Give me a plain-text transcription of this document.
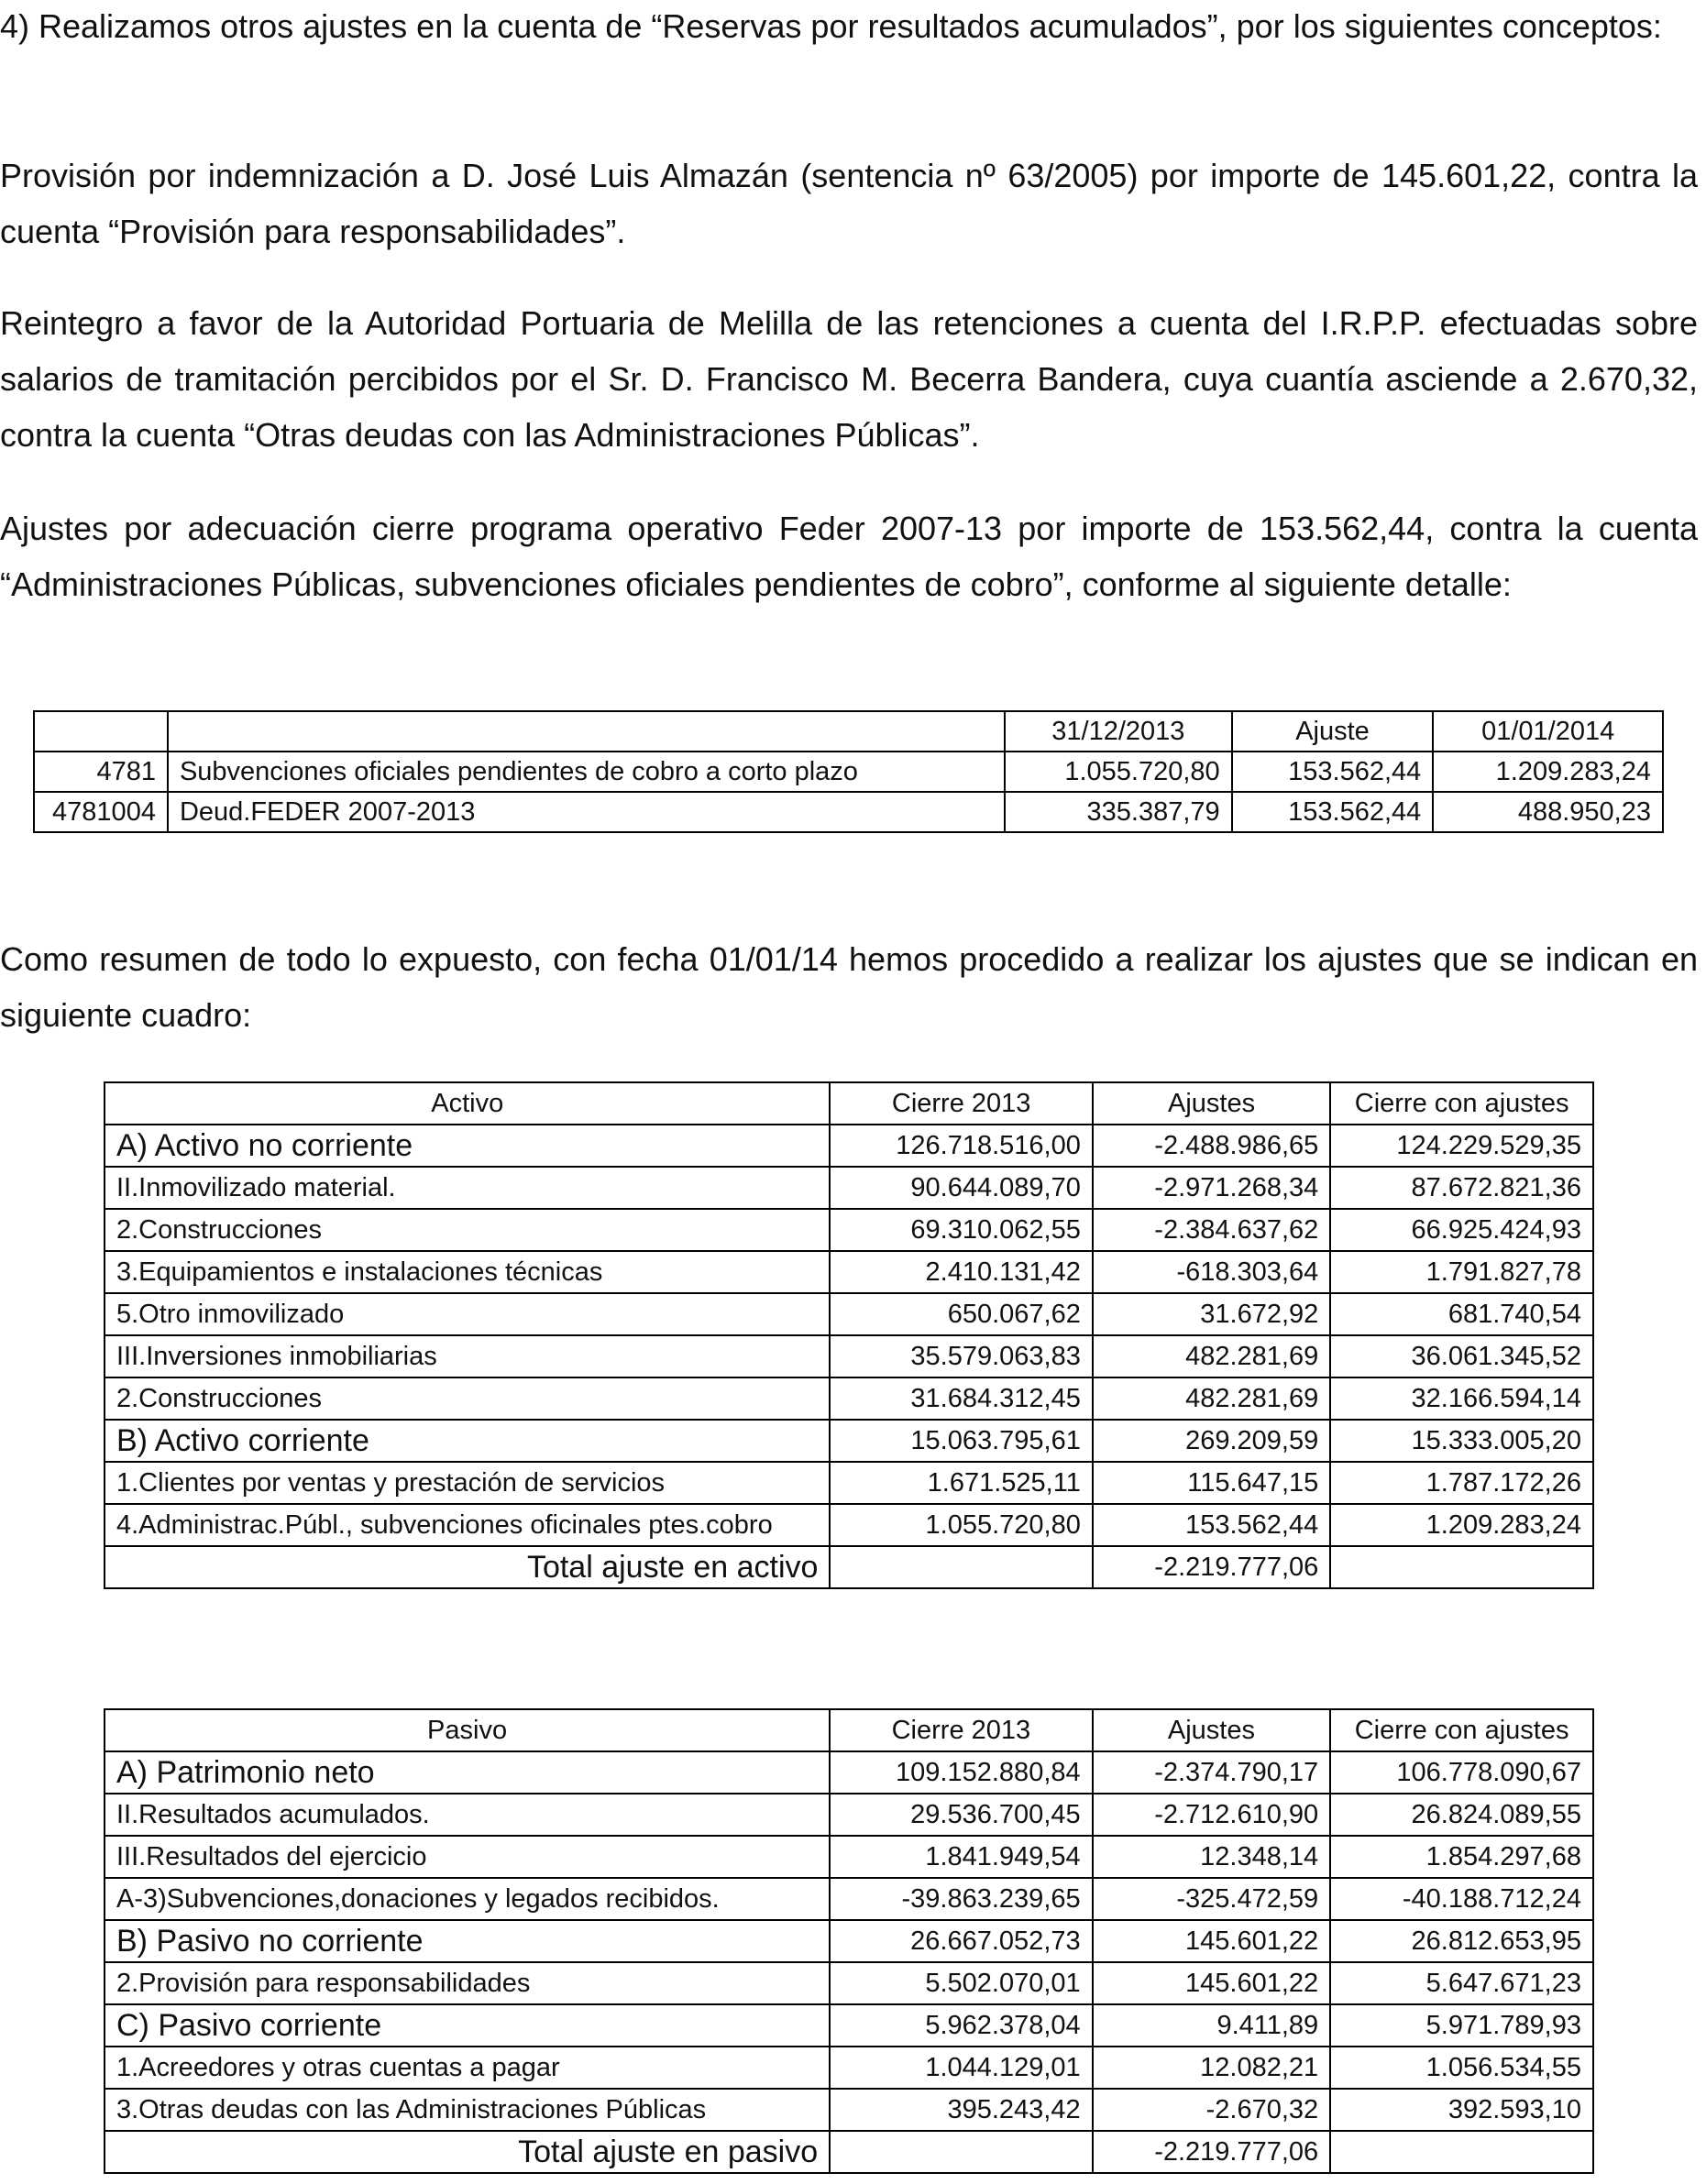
4) Realizamos otros ajustes en la cuenta de “Reservas por resultados acumulados”, por los siguientes conceptos:

Provisión por indemnización a D. José Luis Almazán (sentencia nº 63/2005) por importe de 145.601,22, contra la cuenta “Provisión para responsabilidades”.

Reintegro a favor de la Autoridad Portuaria de Melilla de las retenciones a cuenta del I.R.P.P. efectuadas sobre salarios de tramitación percibidos por el Sr. D. Francisco M. Becerra Bandera, cuya cuantía asciende a 2.670,32, contra la cuenta “Otras deudas con las Administraciones Públicas”.

Ajustes por adecuación cierre programa operativo Feder 2007-13 por importe de 153.562,44, contra la cuenta “Administraciones Públicas, subvenciones oficiales pendientes de cobro”, conforme al siguiente detalle:

		31/12/2013	Ajuste	01/01/2014
4781	Subvenciones oficiales pendientes de cobro a corto plazo	1.055.720,80	153.562,44	1.209.283,24
4781004	Deud.FEDER 2007-2013	335.387,79	153.562,44	488.950,23

Como resumen de todo lo expuesto, con fecha 01/01/14 hemos procedido a realizar los ajustes que se indican en siguiente cuadro:

Activo	Cierre 2013	Ajustes	Cierre con ajustes
A) Activo no corriente	126.718.516,00	-2.488.986,65	124.229.529,35
II.Inmovilizado material.	90.644.089,70	-2.971.268,34	87.672.821,36
2.Construcciones	69.310.062,55	-2.384.637,62	66.925.424,93
3.Equipamientos e instalaciones técnicas	2.410.131,42	-618.303,64	1.791.827,78
5.Otro inmovilizado	650.067,62	31.672,92	681.740,54
III.Inversiones inmobiliarias	35.579.063,83	482.281,69	36.061.345,52
2.Construcciones	31.684.312,45	482.281,69	32.166.594,14
B) Activo corriente	15.063.795,61	269.209,59	15.333.005,20
1.Clientes por ventas y prestación de servicios	1.671.525,11	115.647,15	1.787.172,26
4.Administrac.Públ., subvenciones oficinales ptes.cobro	1.055.720,80	153.562,44	1.209.283,24
Total ajuste en activo		-2.219.777,06	
Pasivo	Cierre 2013	Ajustes	Cierre con ajustes
A) Patrimonio neto	109.152.880,84	-2.374.790,17	106.778.090,67
II.Resultados acumulados.	29.536.700,45	-2.712.610,90	26.824.089,55
III.Resultados del ejercicio	1.841.949,54	12.348,14	1.854.297,68
A-3)Subvenciones,donaciones y legados recibidos.	-39.863.239,65	-325.472,59	-40.188.712,24
B) Pasivo no corriente	26.667.052,73	145.601,22	26.812.653,95
2.Provisión para responsabilidades	5.502.070,01	145.601,22	5.647.671,23
C) Pasivo corriente	5.962.378,04	9.411,89	5.971.789,93
1.Acreedores y otras cuentas a pagar	1.044.129,01	12.082,21	1.056.534,55
3.Otras deudas con las Administraciones Públicas	395.243,42	-2.670,32	392.593,10
Total ajuste en pasivo		-2.219.777,06	
